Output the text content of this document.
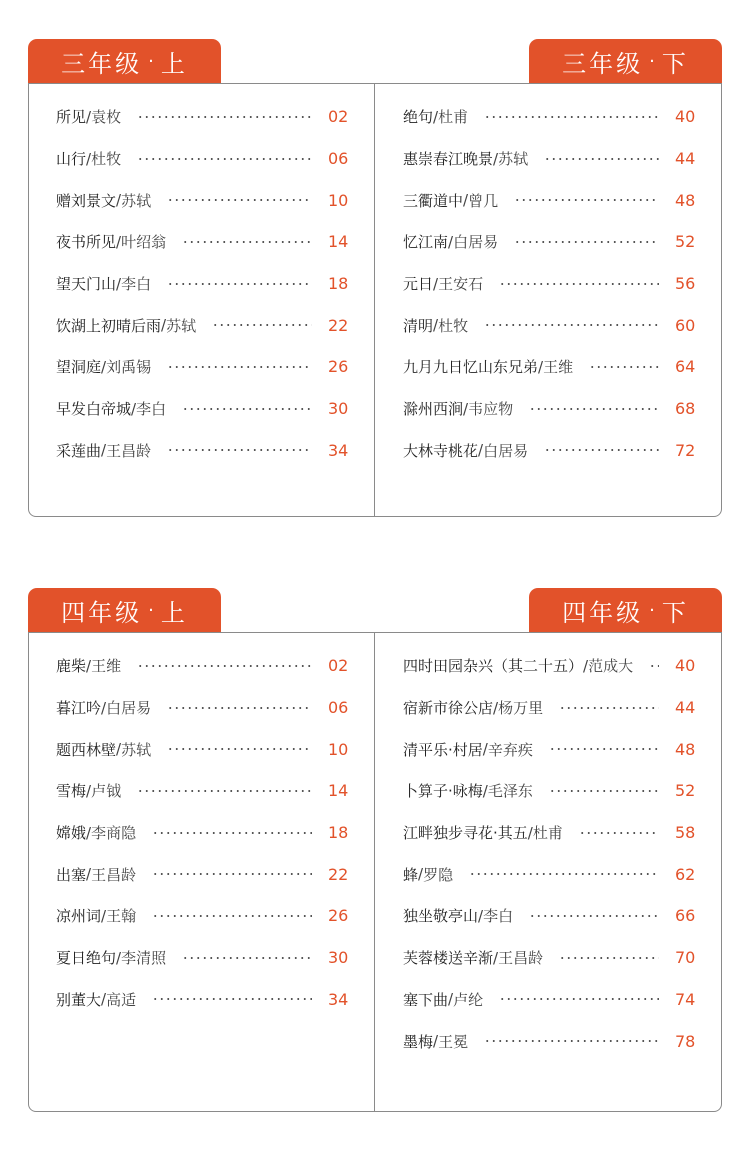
三年级 · 上	三年级 · 下
所见 / 袁枚	02
山行 / 杜牧	06
赠刘景文 / 苏轼	10
夜书所见 / 叶绍翁	14
望天门山 / 李白	18
饮湖上初晴后雨 / 苏轼	22
望洞庭 / 刘禹锡	26
早发白帝城 / 李白	30
采莲曲 / 王昌龄	34
绝句 / 杜甫	40
惠崇春江晚景 / 苏轼	44
三衢道中 / 曾几	48
忆江南 / 白居易	52
元日 / 王安石	56
清明 / 杜牧	60
九月九日忆山东兄弟 / 王维	64
滁州西涧 / 韦应物	68
大林寺桃花 / 白居易	72
四年级 · 上	四年级 · 下
鹿柴 / 王维	02
暮江吟 / 白居易	06
题西林壁 / 苏轼	10
雪梅 / 卢钺	14
嫦娥 / 李商隐	18
出塞 / 王昌龄	22
凉州词 / 王翰	26
夏日绝句 / 李清照	30
别董大 / 高适	34
四时田园杂兴（其二十五） / 范成大	40
宿新市徐公店 / 杨万里	44
清平乐·村居 / 辛弃疾	48
卜算子·咏梅 / 毛泽东	52
江畔独步寻花·其五 / 杜甫	58
蜂 / 罗隐	62
独坐敬亭山 / 李白	66
芙蓉楼送辛渐 / 王昌龄	70
塞下曲 / 卢纶	74
墨梅 / 王冕	78
